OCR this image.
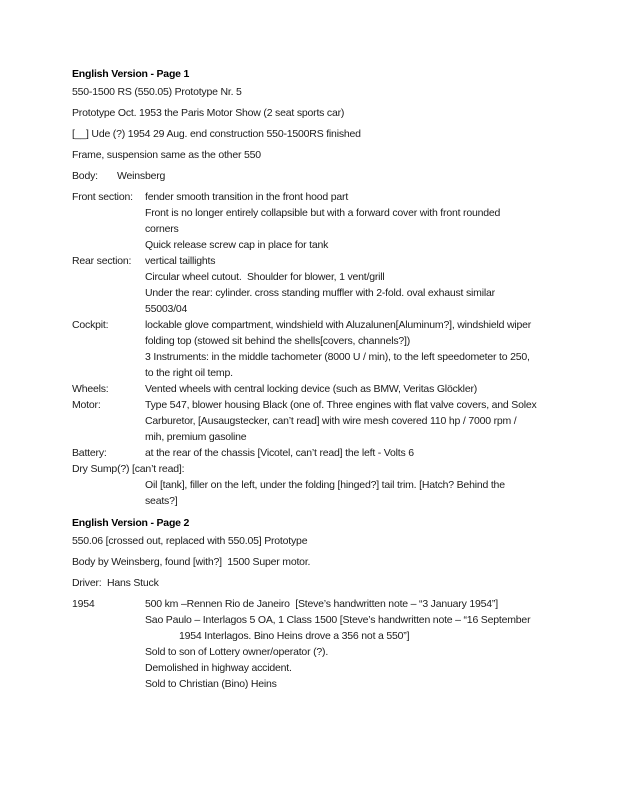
English Version - Page 1
550-1500 RS (550.05) Prototype Nr. 5
Prototype Oct. 1953 the Paris Motor Show (2 seat sports car)
[__] Ude (?) 1954 29 Aug. end construction 550-1500RS finished
Frame, suspension same as the other 550
Body: Weinsberg
Front section: fender smooth transition in the front hood part
Front is no longer entirely collapsible but with a forward cover with front rounded
corners
Quick release screw cap in place for tank
Rear section: vertical taillights
Circular wheel cutout.  Shoulder for blower, 1 vent/grill
Under the rear: cylinder. cross standing muffler with 2-fold. oval exhaust similar
55003/04
Cockpit:	lockable glove compartment, windshield with Aluzalunen[Aluminum?], windshield wiper
folding top (stowed sit behind the shells[covers, channels?])
3 Instruments: in the middle tachometer (8000 U / min), to the left speedometer to 250,
to the right oil temp.
Wheels:	Vented wheels with central locking device (such as BMW, Veritas Glöckler)
Motor:	Type 547, blower housing Black (one of. Three engines with flat valve covers, and Solex
Carburetor, [Ausaugstecker, can’t read] with wire mesh covered 110 hp / 7000 rpm /
mih, premium gasoline
Battery:	at the rear of the chassis [Vicotel, can’t read] the left - Volts 6
Dry Sump(?) [can’t read]:
Oil [tank], filler on the left, under the folding [hinged?] tail trim. [Hatch? Behind the
seats?]
English Version - Page 2
550.06 [crossed out, replaced with 550.05] Prototype
Body by Weinsberg, found [with?]  1500 Super motor.
Driver:  Hans Stuck
1954	500 km –Rennen Rio de Janeiro  [Steve’s handwritten note – “3 January 1954”]
Sao Paulo – Interlagos 5 OA, 1 Class 1500 [Steve’s handwritten note – “16 September
1954 Interlagos. Bino Heins drove a 356 not a 550”]
Sold to son of Lottery owner/operator (?).
Demolished in highway accident.
Sold to Christian (Bino) Heins
